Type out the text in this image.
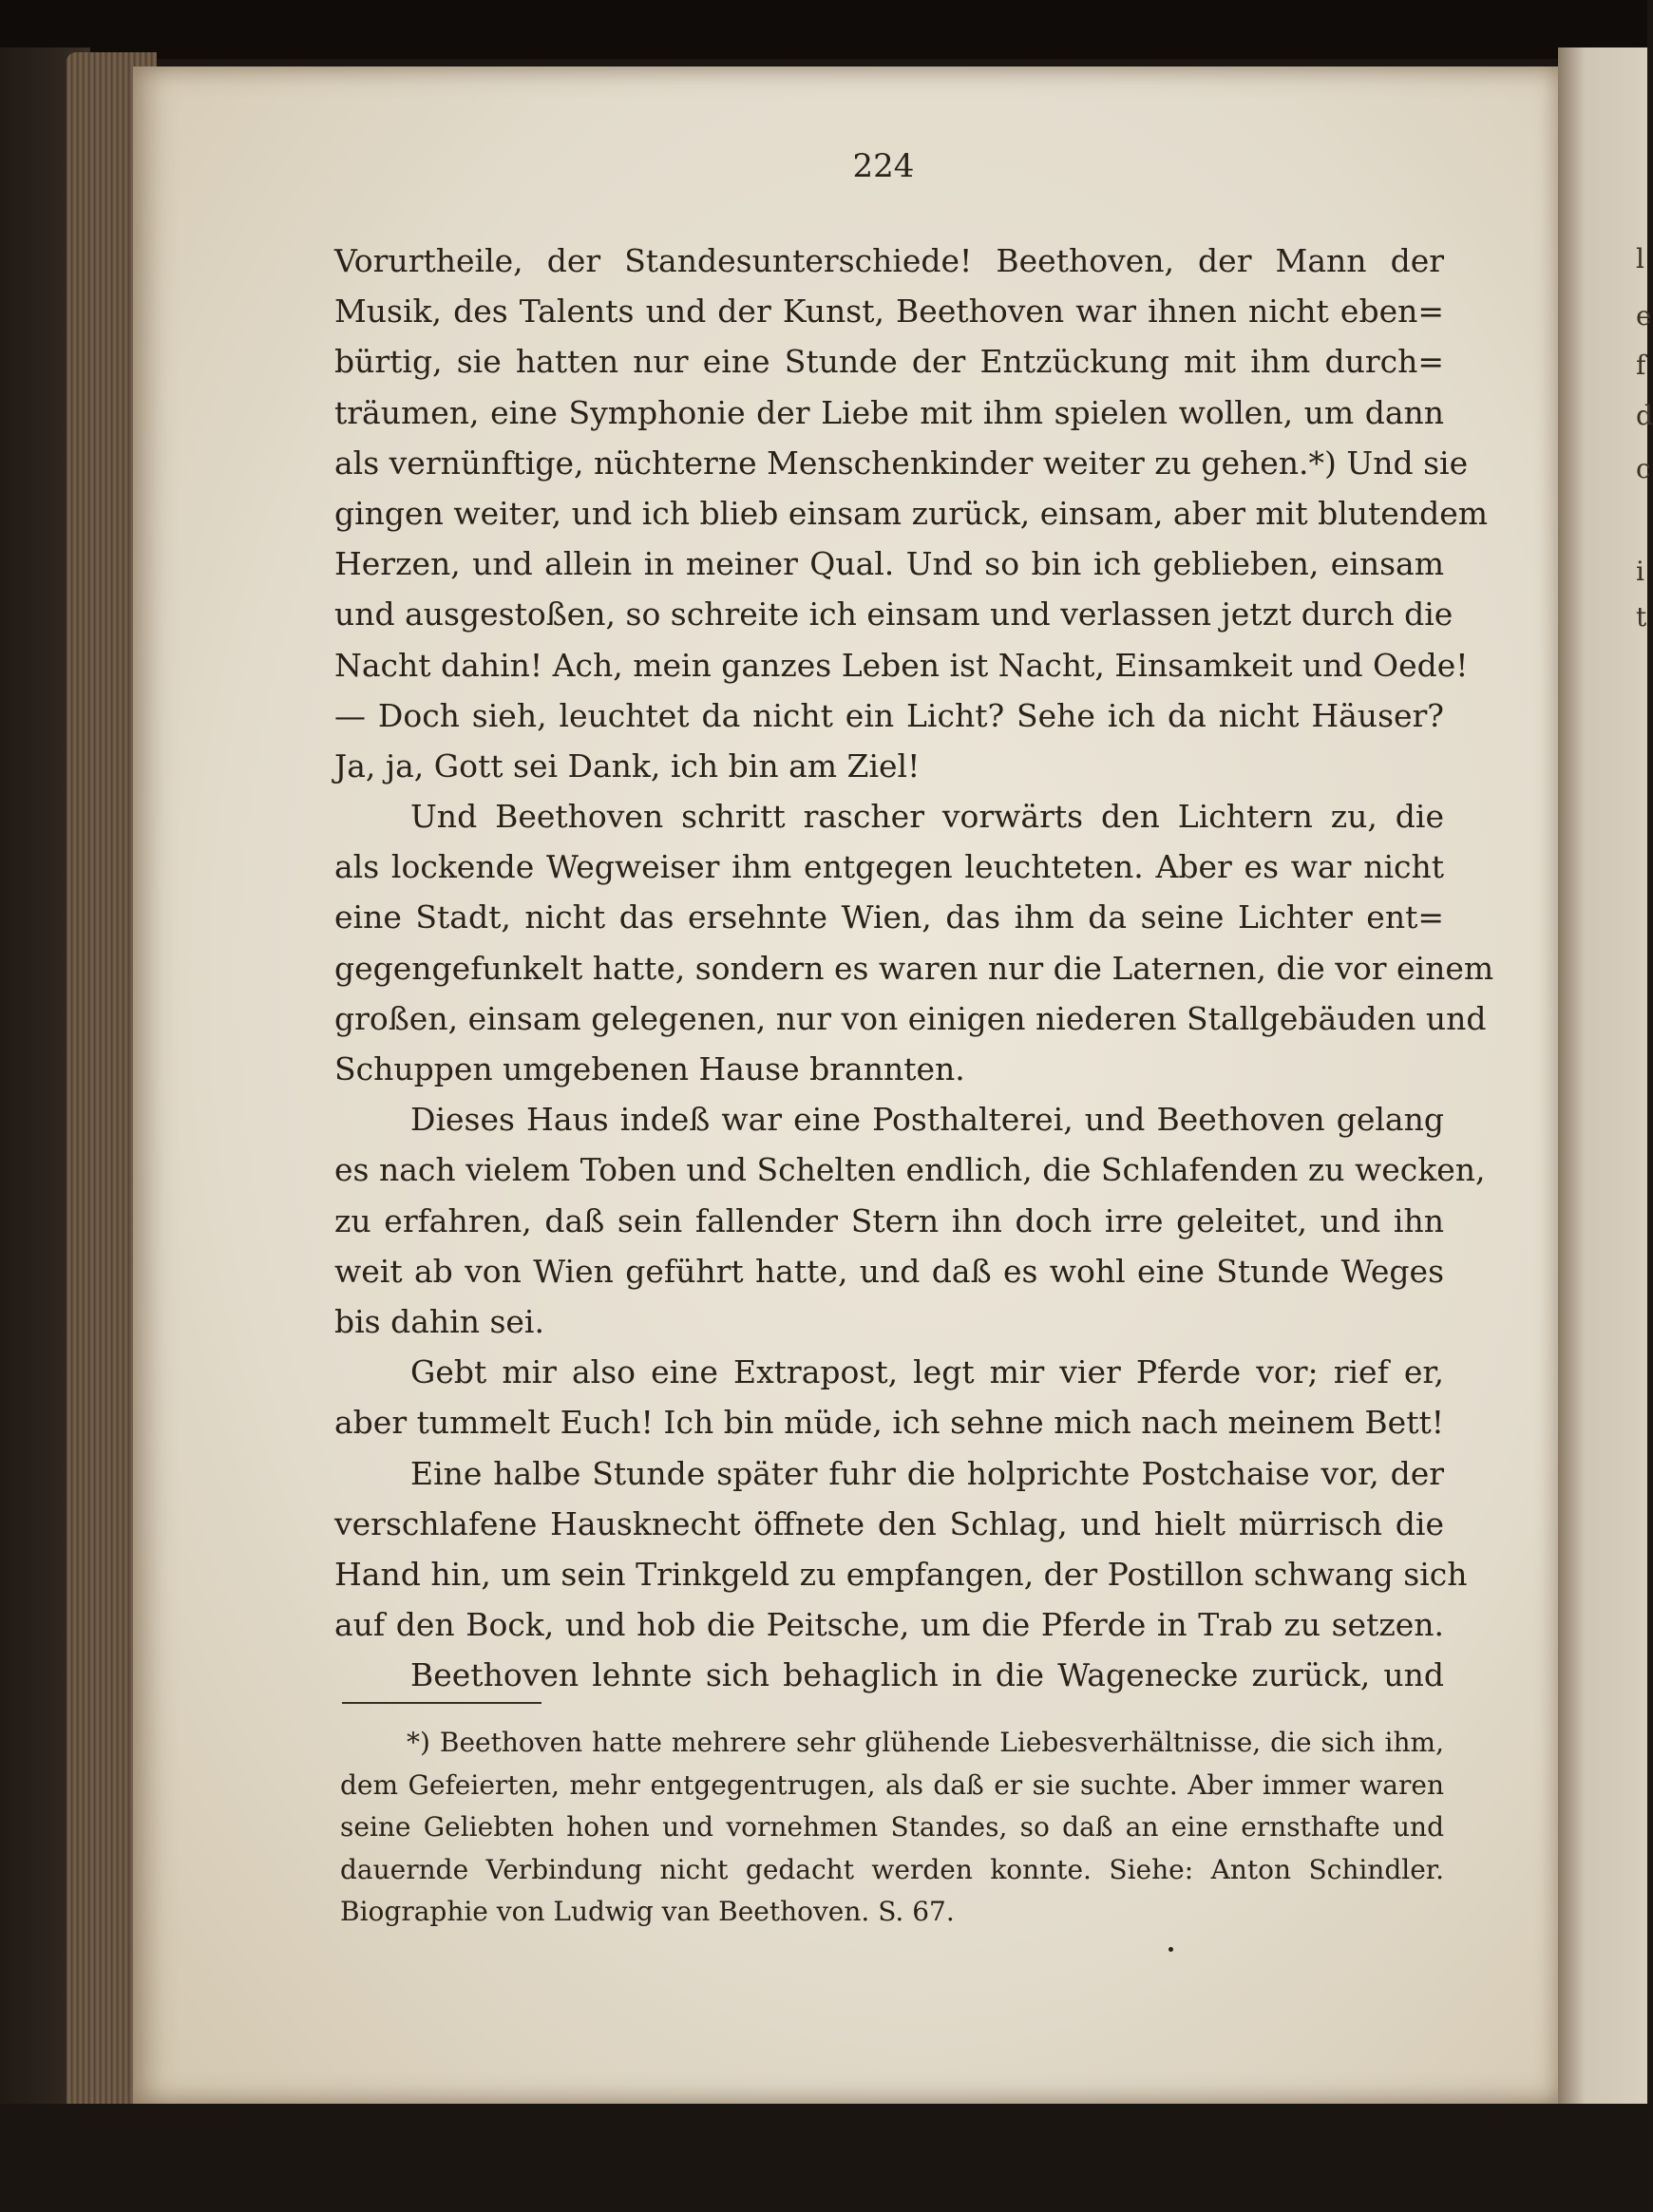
l
e
f
d
c
i
t
224
Vorurtheile, der Standesunterschiede! Beethoven, der Mann der
Musik, des Talents und der Kunst, Beethoven war ihnen nicht eben=
bürtig, sie hatten nur eine Stunde der Entzückung mit ihm durch=
träumen, eine Symphonie der Liebe mit ihm spielen wollen, um dann
als vernünftige, nüchterne Menschenkinder weiter zu gehen.*) Und sie
gingen weiter, und ich blieb einsam zurück, einsam, aber mit blutendem
Herzen, und allein in meiner Qual. Und so bin ich geblieben, einsam
und ausgestoßen, so schreite ich einsam und verlassen jetzt durch die
Nacht dahin! Ach, mein ganzes Leben ist Nacht, Einsamkeit und Oede!
— Doch sieh, leuchtet da nicht ein Licht? Sehe ich da nicht Häuser?
Ja, ja, Gott sei Dank, ich bin am Ziel!
Und Beethoven schritt rascher vorwärts den Lichtern zu, die
als lockende Wegweiser ihm entgegen leuchteten. Aber es war nicht
eine Stadt, nicht das ersehnte Wien, das ihm da seine Lichter ent=
gegengefunkelt hatte, sondern es waren nur die Laternen, die vor einem
großen, einsam gelegenen, nur von einigen niederen Stallgebäuden und
Schuppen umgebenen Hause brannten.
Dieses Haus indeß war eine Posthalterei, und Beethoven gelang
es nach vielem Toben und Schelten endlich, die Schlafenden zu wecken,
zu erfahren, daß sein fallender Stern ihn doch irre geleitet, und ihn
weit ab von Wien geführt hatte, und daß es wohl eine Stunde Weges
bis dahin sei.
Gebt mir also eine Extrapost, legt mir vier Pferde vor; rief er,
aber tummelt Euch! Ich bin müde, ich sehne mich nach meinem Bett!
Eine halbe Stunde später fuhr die holprichte Postchaise vor, der
verschlafene Hausknecht öffnete den Schlag, und hielt mürrisch die
Hand hin, um sein Trinkgeld zu empfangen, der Postillon schwang sich
auf den Bock, und hob die Peitsche, um die Pferde in Trab zu setzen.
Beethoven lehnte sich behaglich in die Wagenecke zurück, und
*) Beethoven hatte mehrere sehr glühende Liebesverhältnisse, die sich ihm,
dem Gefeierten, mehr entgegentrugen, als daß er sie suchte. Aber immer waren
seine Geliebten hohen und vornehmen Standes, so daß an eine ernsthafte und
dauernde Verbindung nicht gedacht werden konnte. Siehe: Anton Schindler.
Biographie von Ludwig van Beethoven. S. 67.
